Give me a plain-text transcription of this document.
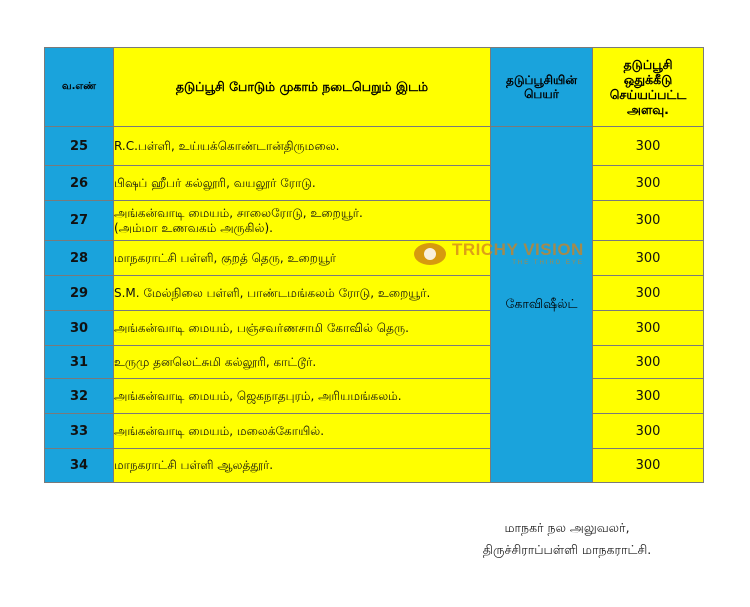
வ.எண்	தடுப்பூசி போடும் முகாம் நடைபெறும் இடம்	தடுப்பூசியின் பெயர்	தடுப்பூசி ஒதுக்கீடு செய்யப்பட்ட அளவு.
25	R.C.பள்ளி, உய்யக்கொண்டான்திருமலை.	கோவிஷீல்ட்	300
26	பிஷப் ஹீபர் கல்லூரி, வயலூர் ரோடு.		300
27	அங்கன்வாடி மையம், சாலைரோடு, உறையூர். (அம்மா உணவகம் அருகில்).		300
28	மாநகராட்சி பள்ளி, குறத் தெரு, உறையூர்		300
29	S.M. மேல்நிலை பள்ளி, பாண்டமங்கலம் ரோடு, உறையூர்.		300
30	அங்கன்வாடி மையம், பஞ்சவர்ணசாமி கோவில் தெரு.		300
31	உருமு தனலெட்சுமி கல்லூரி, காட்டூர்.		300
32	அங்கன்வாடி மையம், ஜெகநாதபுரம், அரியமங்கலம்.		300
33	அங்கன்வாடி மையம், மலைக்கோயில்.		300
34	மாநகராட்சி பள்ளி ஆலத்தூர்.		300
TRICHY VISION
THE THIRD EYE
மாநகர் நல அலுவலர்,
திருச்சிராப்பள்ளி மாநகராட்சி.
